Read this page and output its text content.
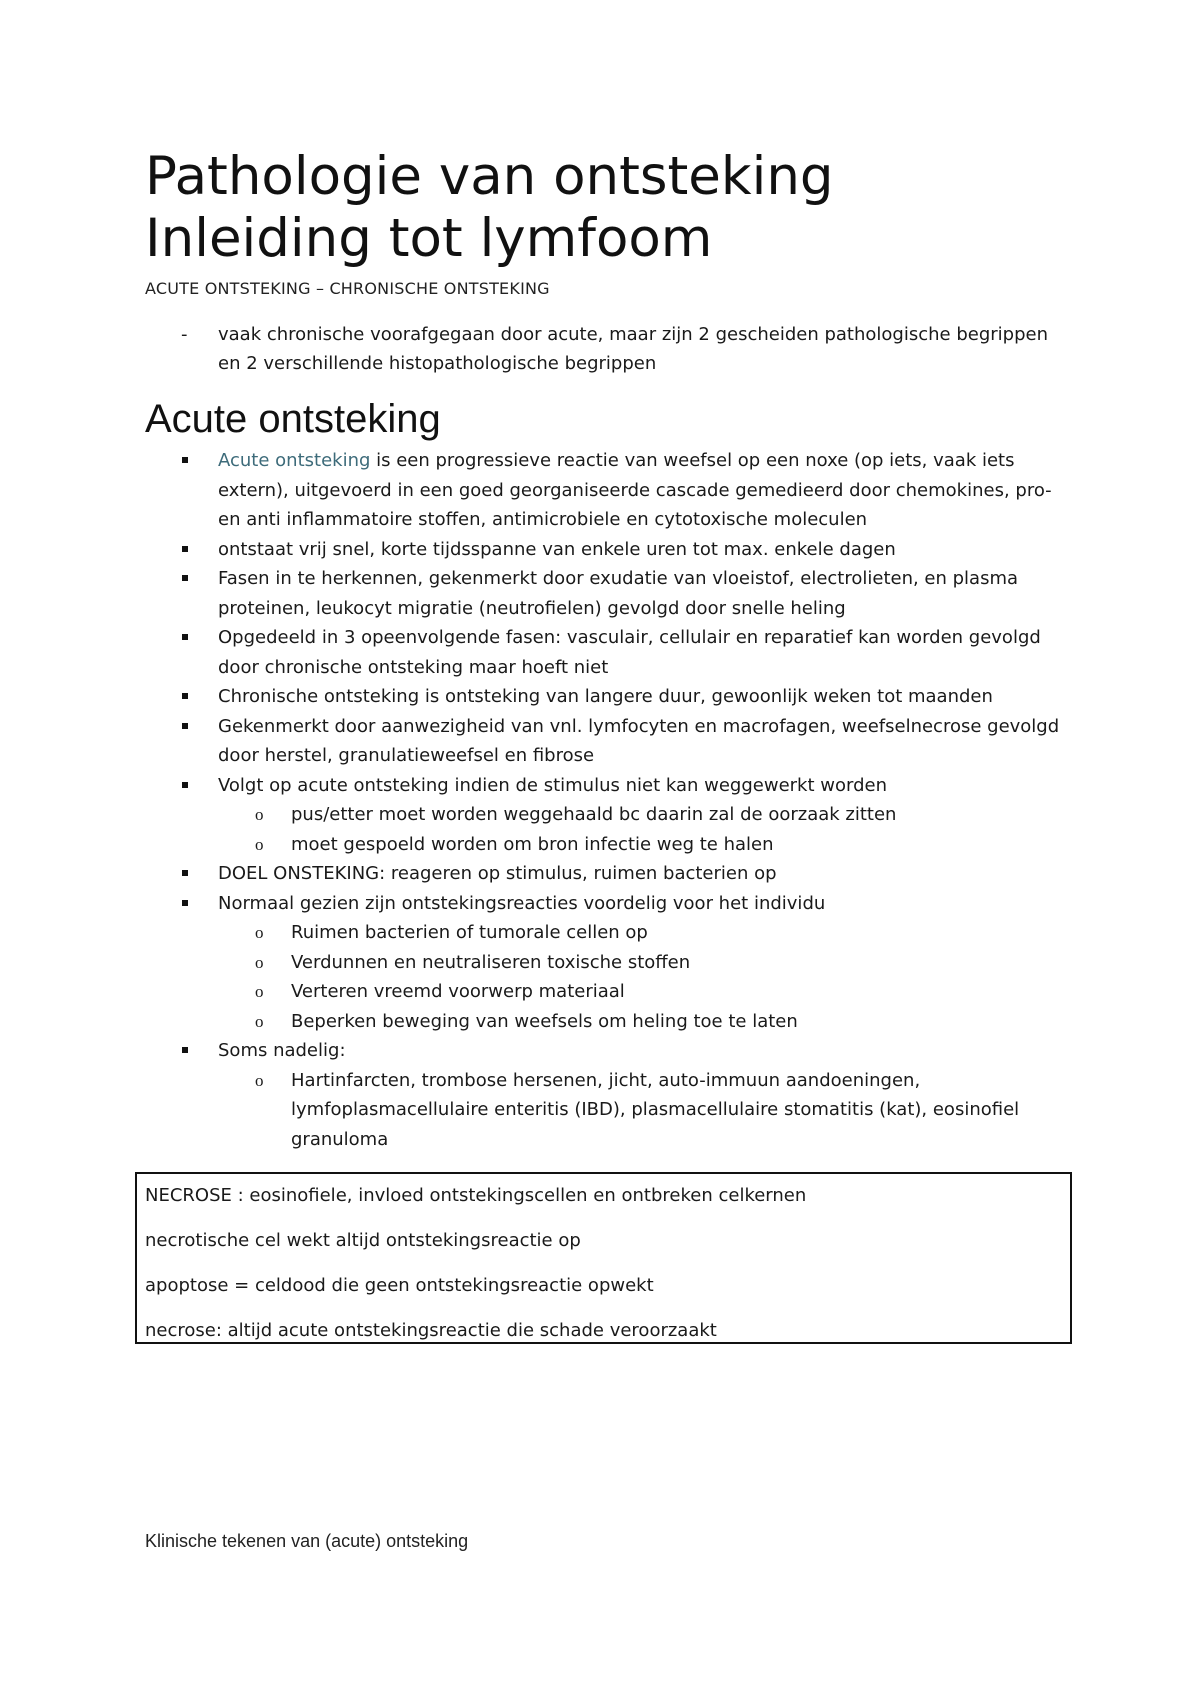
Pathologie van ontsteking
Inleiding tot lymfoom
ACUTE ONTSTEKING – CHRONISCHE ONTSTEKING
- vaak chronische voorafgegaan door acute, maar zijn 2 gescheiden pathologische begrippen
en 2 verschillende histopathologische begrippen
Acute ontsteking
Acute ontsteking is een progressieve reactie van weefsel op een noxe (op iets, vaak iets
extern), uitgevoerd in een goed georganiseerde cascade gemedieerd door chemokines, pro-
en anti inflammatoire stoffen, antimicrobiele en cytotoxische moleculen
ontstaat vrij snel, korte tijdsspanne van enkele uren tot max. enkele dagen
Fasen in te herkennen, gekenmerkt door exudatie van vloeistof, electrolieten, en plasma
proteinen, leukocyt migratie (neutrofielen) gevolgd door snelle heling
Opgedeeld in 3 opeenvolgende fasen: vasculair, cellulair en reparatief kan worden gevolgd
door chronische ontsteking maar hoeft niet
Chronische ontsteking is ontsteking van langere duur, gewoonlijk weken tot maanden
Gekenmerkt door aanwezigheid van vnl. lymfocyten en macrofagen, weefselnecrose gevolgd
door herstel, granulatieweefsel en fibrose
Volgt op acute ontsteking indien de stimulus niet kan weggewerkt worden
o pus/etter moet worden weggehaald bc daarin zal de oorzaak zitten
o moet gespoeld worden om bron infectie weg te halen
DOEL ONSTEKING: reageren op stimulus, ruimen bacterien op
Normaal gezien zijn ontstekingsreacties voordelig voor het individu
o Ruimen bacterien of tumorale cellen op
o Verdunnen en neutraliseren toxische stoffen
o Verteren vreemd voorwerp materiaal
o Beperken beweging van weefsels om heling toe te laten
Soms nadelig:
o Hartinfarcten, trombose hersenen, jicht, auto-immuun aandoeningen,
lymfoplasmacellulaire enteritis (IBD), plasmacellulaire stomatitis (kat), eosinofiel
granuloma

NECROSE : eosinofiele, invloed ontstekingscellen en ontbreken celkernen

necrotische cel wekt altijd ontstekingsreactie op

apoptose = celdood die geen ontstekingsreactie opwekt

necrose: altijd acute ontstekingsreactie die schade veroorzaakt

Klinische tekenen van (acute) ontsteking
